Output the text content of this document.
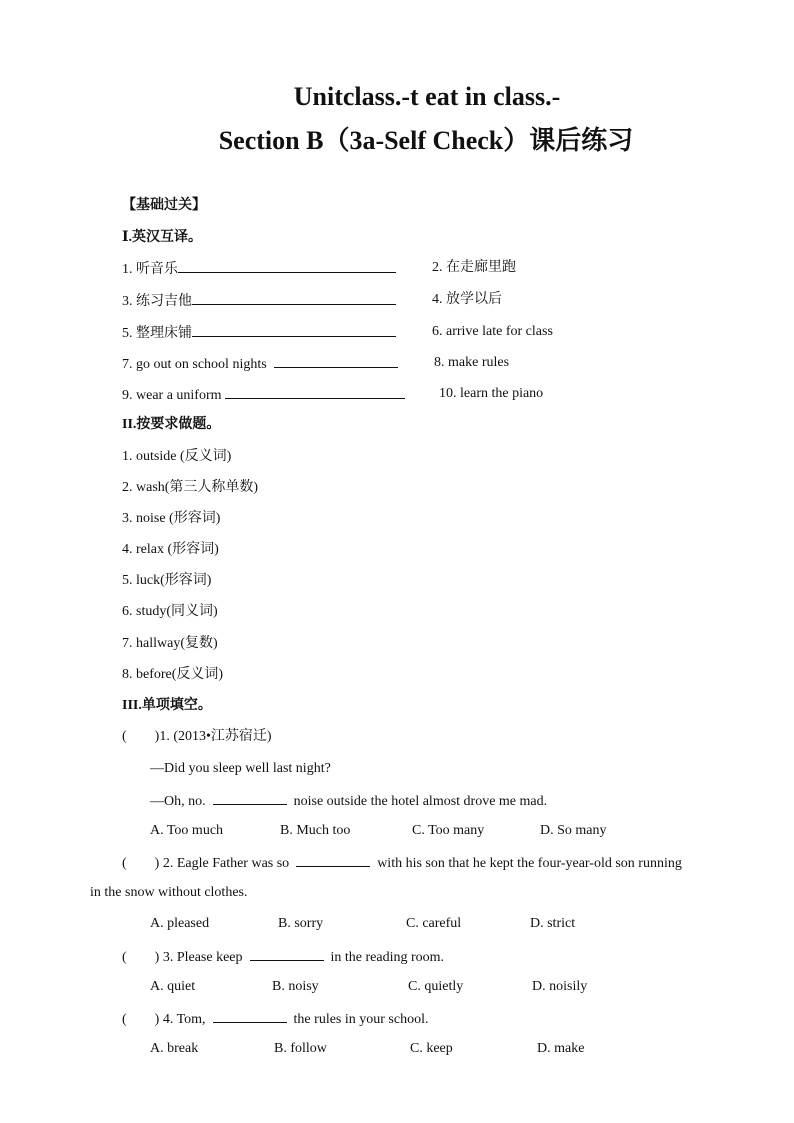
Unitclass.-t eat in class.-
Section B（3a-Self Check）课后练习
【基础过关】
Ⅰ.英汉互译。
1. 听音乐	2. 在走廊里跑
3. 练习吉他	4. 放学以后
5. 整理床铺	6. arrive late for class
7. go out on school nights	8. make rules
9. wear a uniform	10. learn the piano
II.按要求做题。
1. outside (反义词)
2. wash(第三人称单数)
3. noise (形容词)
4. relax (形容词)
5. luck(形容词)
6. study(同义词)
7. hallway(复数)
8. before(反义词)
III.单项填空。
(　　)1. (2013•江苏宿迁)
—Did you sleep well last night?
—Oh, no.	noise outside the hotel almost drove me mad.
A. Too much	B. Much too	C. Too many	D. So many
(　　) 2. Eagle Father was so	with his son that he kept the four-year-old son running
in the snow without clothes.
A. pleased	B. sorry	C. careful	D. strict
(　　) 3. Please keep	in the reading room.
A. quiet	B. noisy	C. quietly	D. noisily
(　　) 4. Tom,	the rules in your school.
A. break	B. follow	C. keep	D. make
